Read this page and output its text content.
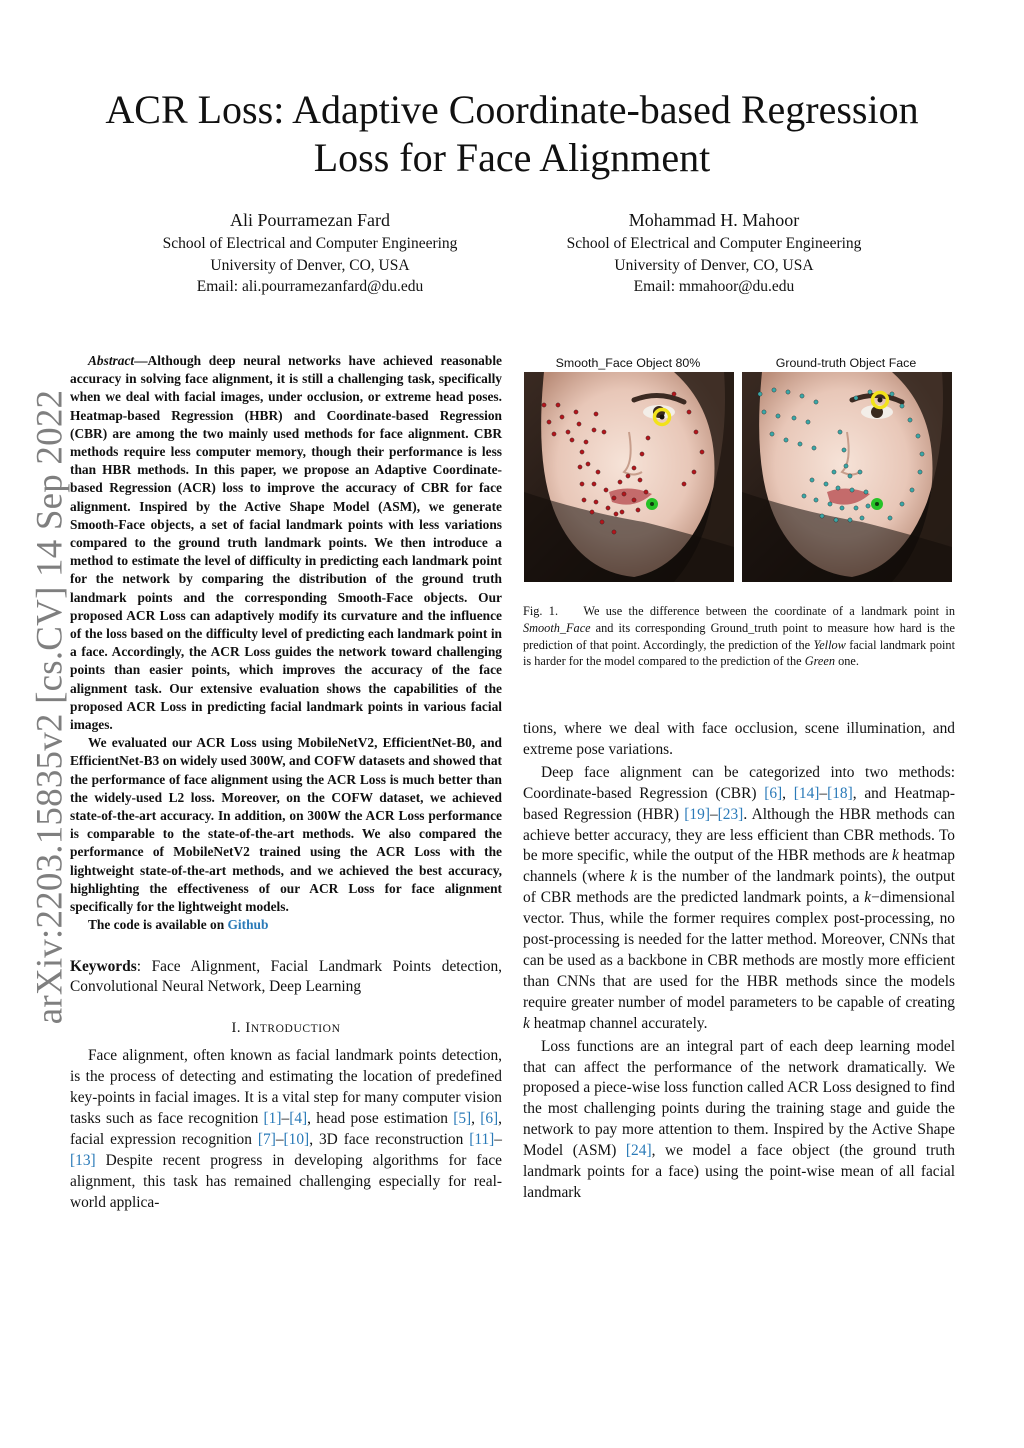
ACR Loss: Adaptive Coordinate-based Regression
Loss for Face Alignment
Ali Pourramezan Fard
School of Electrical and Computer Engineering
University of Denver, CO, USA
Email: ali.pourramezanfard@du.edu
Mohammad H. Mahoor
School of Electrical and Computer Engineering
University of Denver, CO, USA
Email: mmahoor@du.edu
arXiv:2203.15835v2 [cs.CV] 14 Sep 2022

Abstract—Although deep neural networks have achieved reasonable accuracy in solving face alignment, it is still a challenging task, specifically when we deal with facial images, under occlusion, or extreme head poses. Heatmap-based Regression (HBR) and Coordinate-based Regression (CBR) are among the two mainly used methods for face alignment. CBR methods require less computer memory, though their performance is less than HBR methods. In this paper, we propose an Adaptive Coordinate-based Regression (ACR) loss to improve the accuracy of CBR for face alignment. Inspired by the Active Shape Model (ASM), we generate Smooth-Face objects, a set of facial landmark points with less variations compared to the ground truth landmark points. We then introduce a method to estimate the level of difficulty in predicting each landmark point for the network by comparing the distribution of the ground truth landmark points and the corresponding Smooth-Face objects. Our proposed ACR Loss can adaptively modify its curvature and the influence of the loss based on the difficulty level of predicting each landmark point in a face. Accordingly, the ACR Loss guides the network toward challenging points than easier points, which improves the accuracy of the face alignment task. Our extensive evaluation shows the capabilities of the proposed ACR Loss in predicting facial landmark points in various facial images.

We evaluated our ACR Loss using MobileNetV2, EfficientNet-B0, and EfficientNet-B3 on widely used 300W, and COFW datasets and showed that the performance of face alignment using the ACR Loss is much better than the widely-used L2 loss. Moreover, on the COFW dataset, we achieved state-of-the-art accuracy. In addition, on 300W the ACR Loss performance is comparable to the state-of-the-art methods. We also compared the performance of MobileNetV2 trained using the ACR Loss with the lightweight state-of-the-art methods, and we achieved the best accuracy, highlighting the effectiveness of our ACR Loss for face alignment specifically for the lightweight models.

The code is available on Github

Keywords: Face Alignment, Facial Landmark Points detection, Convolutional Neural Network, Deep Learning

I. INTRODUCTION

Face alignment, often known as facial landmark points detection, is the process of detecting and estimating the location of predefined key-points in facial images. It is a vital step for many computer vision tasks such as face recognition [1]–[4], head pose estimation [5], [6], facial expression recognition [7]–[10], 3D face reconstruction [11]–[13] Despite recent progress in developing algorithms for face alignment, this task has remained challenging especially for real-world applica-

Smooth_Face Object 80%	Ground-truth Object Face

Fig. 1. We use the difference between the coordinate of a landmark point in Smooth_Face and its corresponding Ground_truth point to measure how hard is the prediction of that point. Accordingly, the prediction of the Yellow facial landmark point is harder for the model compared to the prediction of the Green one.

tions, where we deal with face occlusion, scene illumination, and extreme pose variations.

Deep face alignment can be categorized into two methods: Coordinate-based Regression (CBR) [6], [14]–[18], and Heatmap-based Regression (HBR) [19]–[23]. Although the HBR methods can achieve better accuracy, they are less efficient than CBR methods. To be more specific, while the output of the HBR methods are k heatmap channels (where k is the number of the landmark points), the output of CBR methods are the predicted landmark points, a k−dimensional vector. Thus, while the former requires complex post-processing, no post-processing is needed for the latter method. Moreover, CNNs that can be used as a backbone in CBR methods are mostly more efficient than CNNs that are used for the HBR methods since the models require greater number of model parameters to be capable of creating k heatmap channel accurately.

Loss functions are an integral part of each deep learning model that can affect the performance of the network dramatically. We proposed a piece-wise loss function called ACR Loss designed to find the most challenging points during the training stage and guide the network to pay more attention to them. Inspired by the Active Shape Model (ASM) [24], we model a face object (the ground truth landmark points for a face) using the point-wise mean of all facial landmark
